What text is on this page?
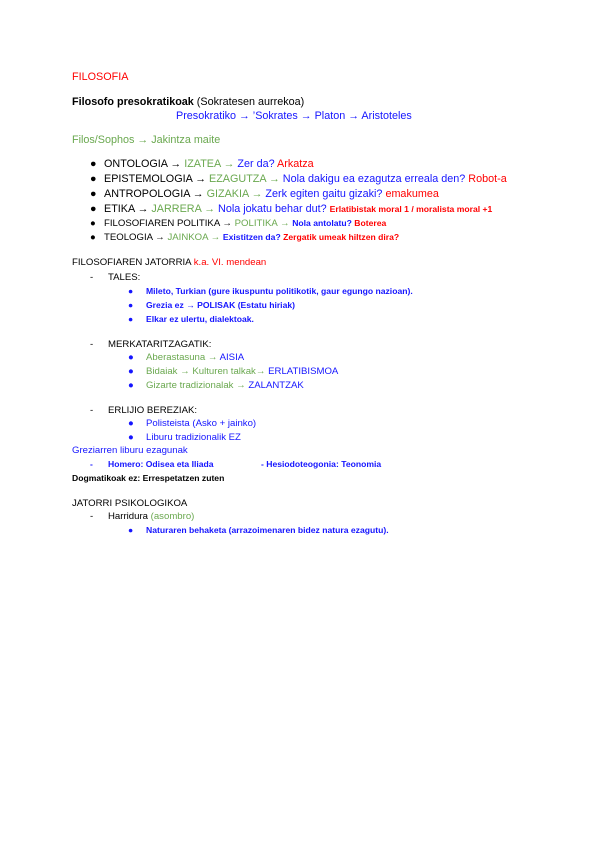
FILOSOFIA
Filosofo presokratikoak (Sokratesen aurrekoa)
Presokratiko → ’Sokrates → Platon → Aristoteles
Filos/Sophos → Jakintza maite
● ONTOLOGIA → IZATEA → Zer da? Arkatza
● EPISTEMOLOGIA → EZAGUTZA → Nola dakigu ea ezagutza erreala den? Robot-a
● ANTROPOLOGIA → GIZAKIA → Zerk egiten gaitu gizaki? emakumea
● ETIKA → JARRERA → Nola jokatu behar dut? Erlatibistak moral 1 / moralista moral +1
● FILOSOFIAREN POLITIKA → POLITIKA → Nola antolatu? Boterea
● TEOLOGIA → JAINKOA → Existitzen da? Zergatik umeak hiltzen dira?
FILOSOFIAREN JATORRIA k.a. VI. mendean
- TALES:
● Mileto, Turkian (gure ikuspuntu politikotik, gaur egungo nazioan).
● Grezia ez → POLISAK (Estatu hiriak)
● Elkar ez ulertu, dialektoak.
- MERKATARITZAGATIK:
● Aberastasuna → AISIA
● Bidaiak → Kulturen talkak→ ERLATIBISMOA
● Gizarte tradizionalak → ZALANTZAK
- ERLIJIO BEREZIAK:
● Polisteista (Asko + jainko)
● Liburu tradizionalik EZ
Greziarren liburu ezagunak
- Homero: Odisea eta Iliada	- Hesiodoteogonia: Teonomia
Dogmatikoak ez: Errespetatzen zuten
JATORRI PSIKOLOGIKOA
- Harridura (asombro)
● Naturaren behaketa (arrazoimenaren bidez natura ezagutu).
